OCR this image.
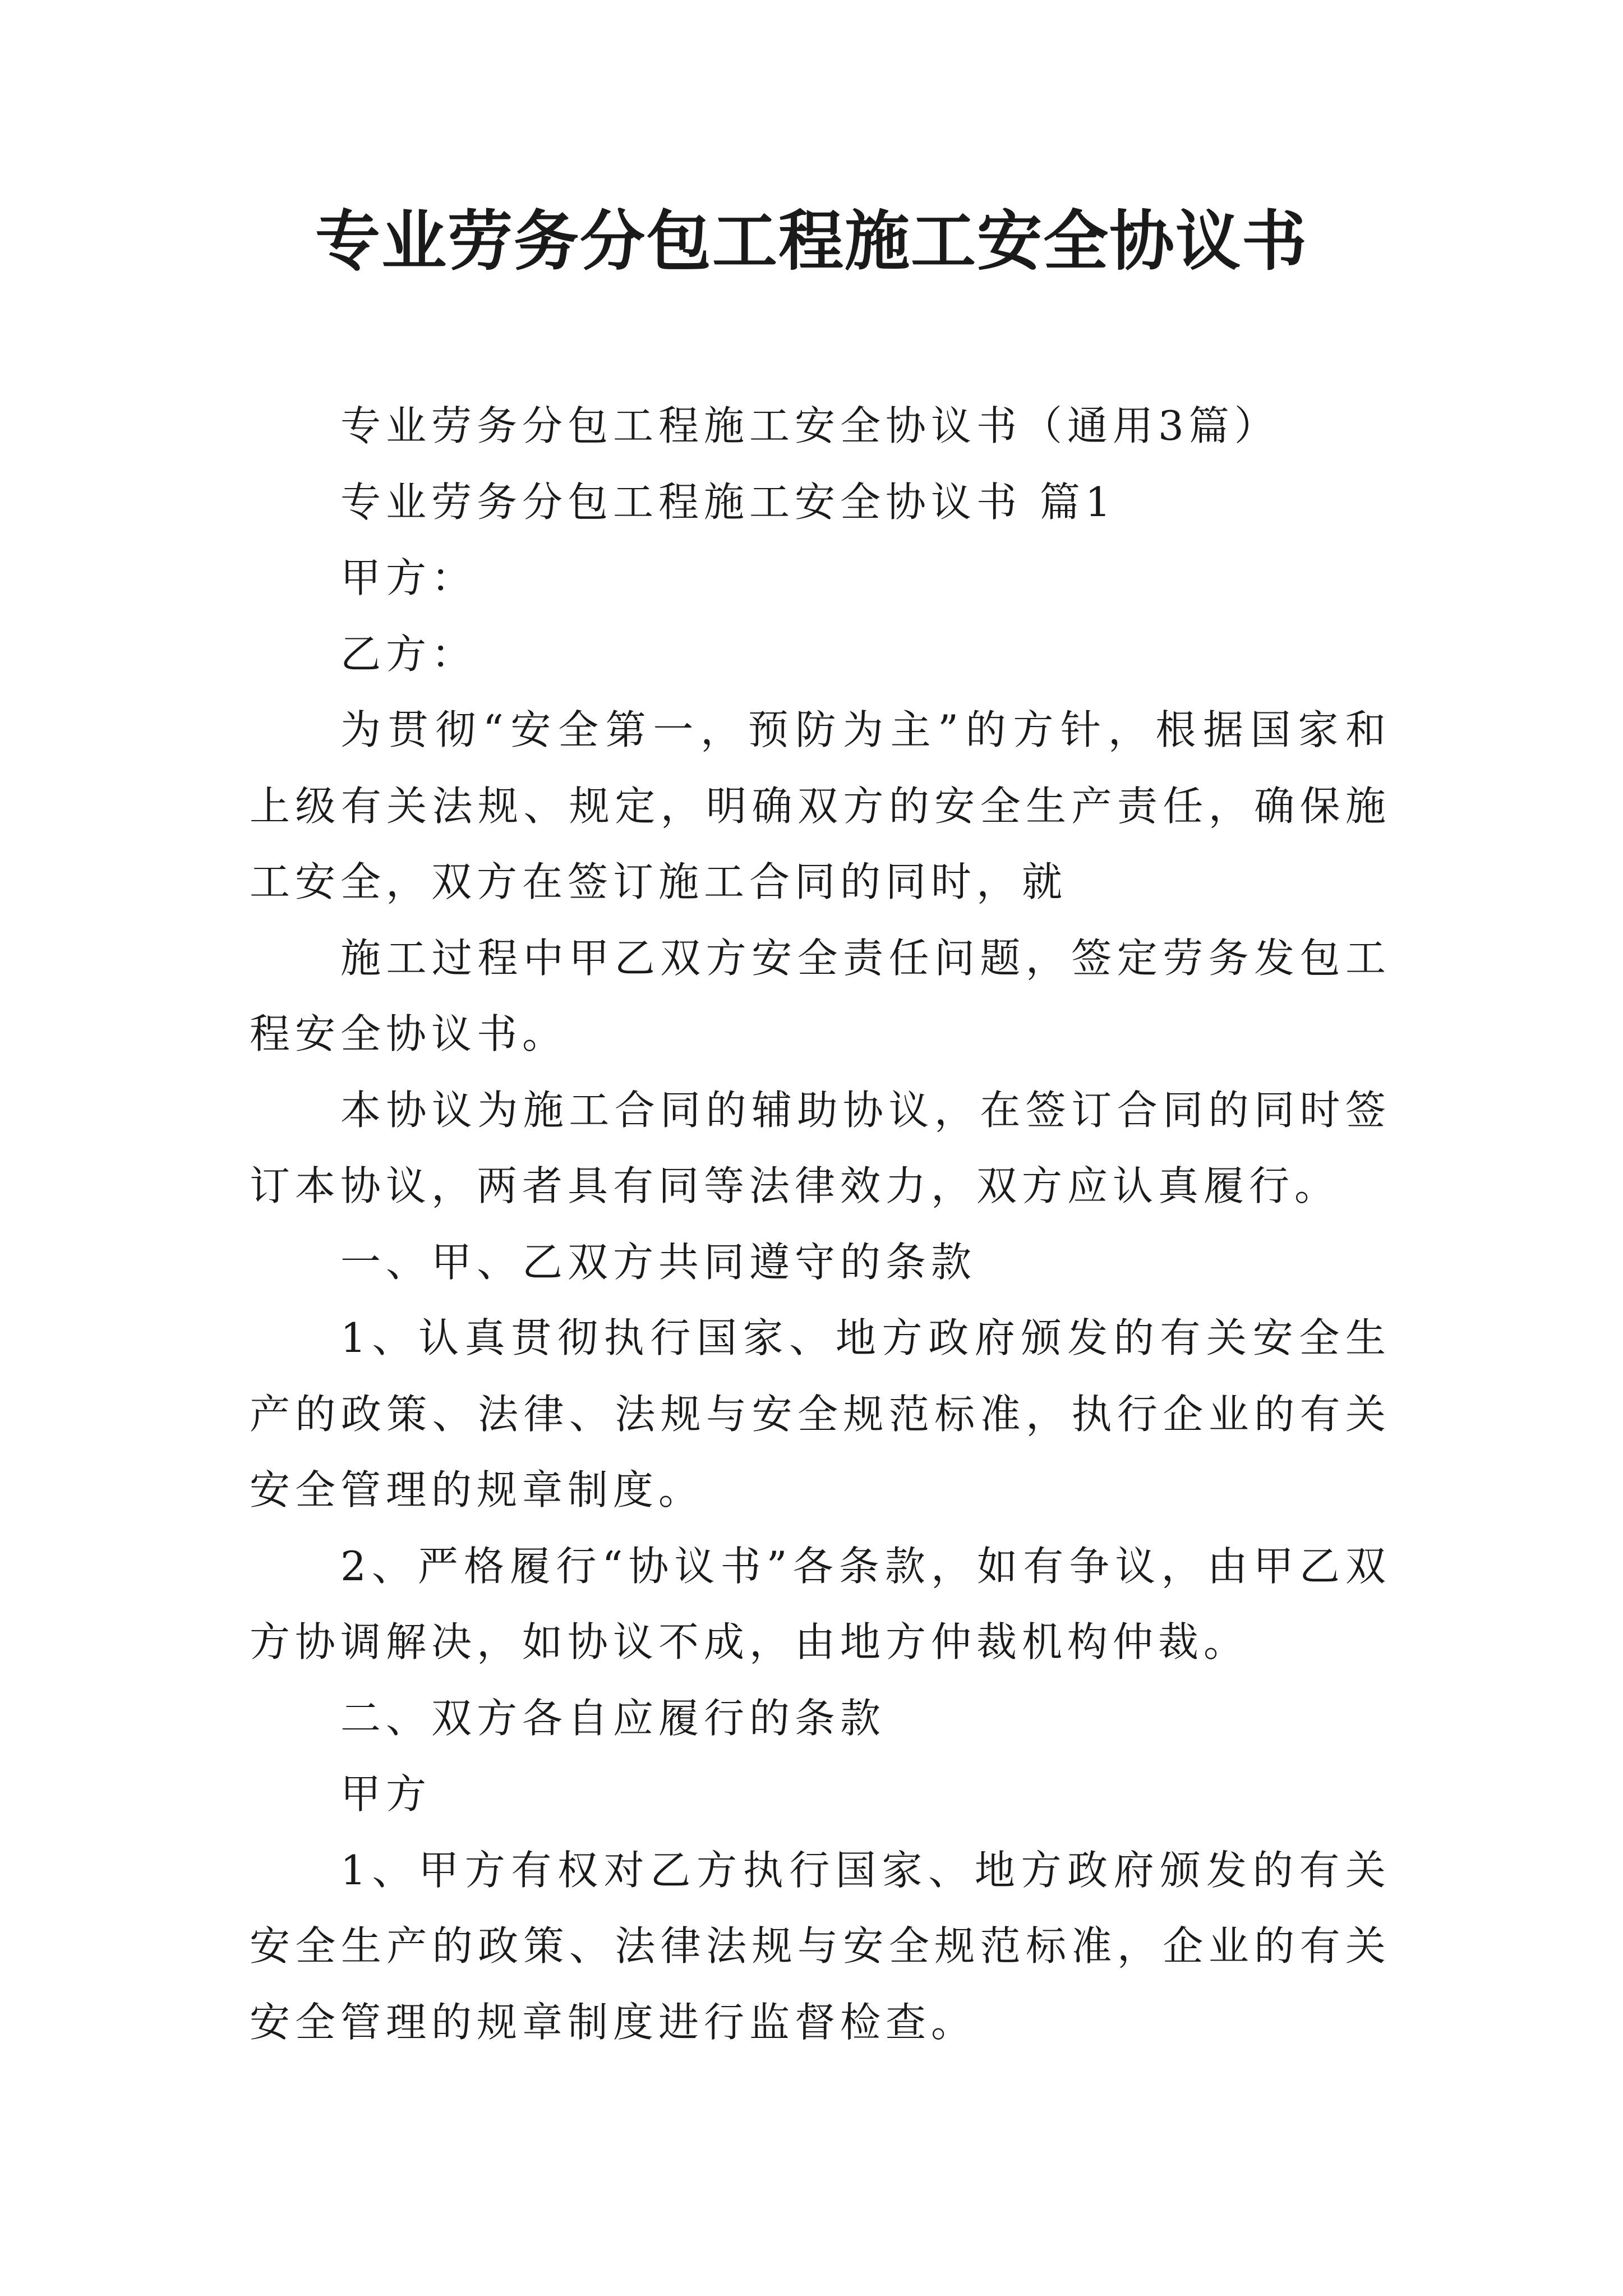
专业劳务分包工程施工安全协议书

专业劳务分包工程施工安全协议书（通用3篇）

专业劳务分包工程施工安全协议书 篇1

甲方：

乙方：

为贯彻“安全第一，预防为主”的方针，根据国家和上级有关法规、规定，明确双方的安全生产责任，确保施工安全，双方在签订施工合同的同时，就

施工过程中甲乙双方安全责任问题，签定劳务发包工程安全协议书。

本协议为施工合同的辅助协议，在签订合同的同时签订本协议，两者具有同等法律效力，双方应认真履行。

一、甲、乙双方共同遵守的条款

1、认真贯彻执行国家、地方政府颁发的有关安全生产的政策、法律、法规与安全规范标准，执行企业的有关安全管理的规章制度。

2、严格履行“协议书”各条款，如有争议，由甲乙双方协调解决，如协议不成，由地方仲裁机构仲裁。

二、双方各自应履行的条款

甲方

1、甲方有权对乙方执行国家、地方政府颁发的有关安全生产的政策、法律法规与安全规范标准，企业的有关安全管理的规章制度进行监督检查。
